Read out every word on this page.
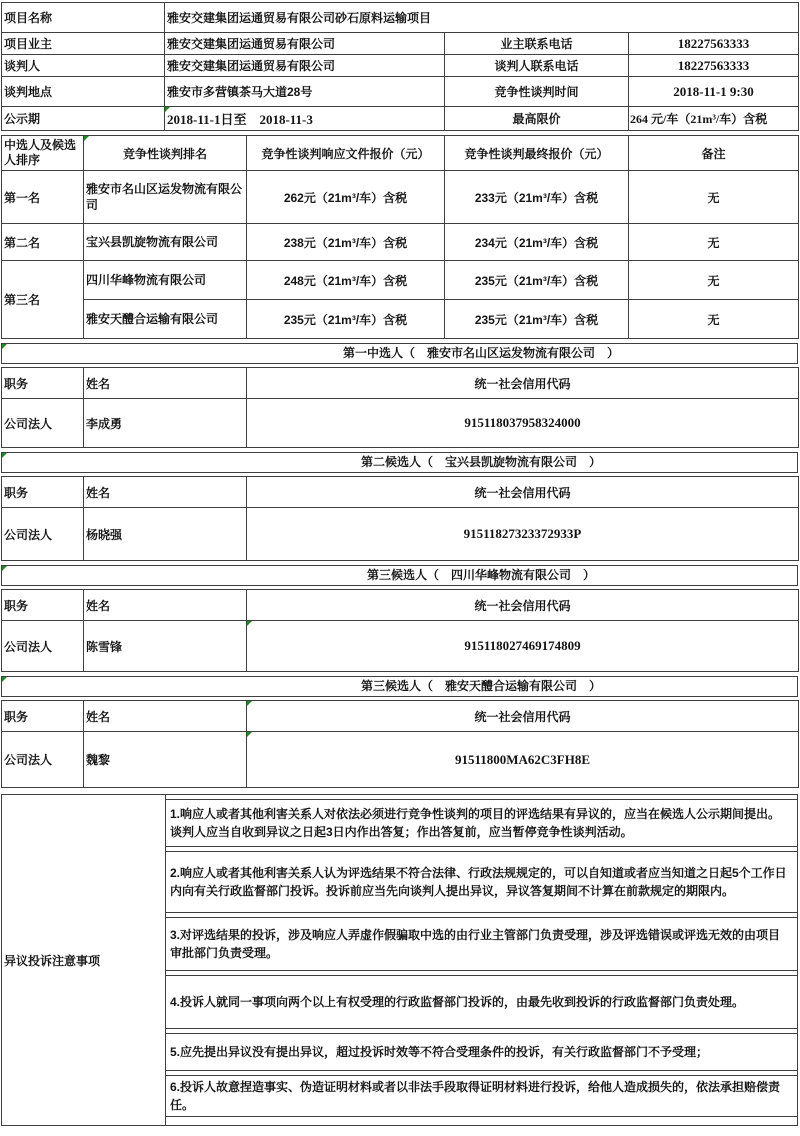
项目名称	雅安交建集团运通贸易有限公司砂石原料运输项目		
项目业主	雅安交建集团运通贸易有限公司	业主联系电话	18227563333
谈判人	雅安交建集团运通贸易有限公司	谈判人联系电话	18227563333
谈判地点	雅安市多营镇茶马大道28号	竞争性谈判时间	2018-11-1 9:30
公示期	2018-11-1日至　2018-11-3	最高限价	264 元/车（21m³/车）含税
中选人及候选人排序	竞争性谈判排名	竞争性谈判响应文件报价（元）	竞争性谈判最终报价（元）	备注
第一名	雅安市名山区运发物流有限公司	262元（21m³/车）含税	233元（21m³/车）含税	无
第二名	宝兴县凯旋物流有限公司	238元（21m³/车）含税	234元（21m³/车）含税	无
第三名	四川华峰物流有限公司	248元（21m³/车）含税	235元（21m³/车）含税	无
	雅安天醴合运输有限公司	235元（21m³/车）含税	235元（21m³/车）含税	无
第一中选人（　雅安市名山区运发物流有限公司　）
职务	姓名	统一社会信用代码
公司法人	李成勇	915118037958324000
第二候选人（　宝兴县凯旋物流有限公司　）
职务	姓名	统一社会信用代码
公司法人	杨晓强	91511827323372933P
第三候选人（　四川华峰物流有限公司　）
职务	姓名	统一社会信用代码
公司法人	陈雪锋	915118027469174809
第三候选人（　雅安天醴合运输有限公司　）
职务	姓名	统一社会信用代码
公司法人	魏黎	91511800MA62C3FH8E
异议投诉注意事项
1.响应人或者其他利害关系人对依法必须进行竞争性谈判的项目的评选结果有异议的，应当在候选人公示期间提出。谈判人应当自收到异议之日起3日内作出答复；作出答复前，应当暂停竞争性谈判活动。
2.响应人或者其他利害关系人认为评选结果不符合法律、行政法规规定的，可以自知道或者应当知道之日起5个工作日内向有关行政监督部门投诉。投诉前应当先向谈判人提出异议，异议答复期间不计算在前款规定的期限内。
3.对评选结果的投诉，涉及响应人弄虚作假骗取中选的由行业主管部门负责受理，涉及评选错误或评选无效的由项目审批部门负责受理。
4.投诉人就同一事项向两个以上有权受理的行政监督部门投诉的，由最先收到投诉的行政监督部门负责处理。
5.应先提出异议没有提出异议，超过投诉时效等不符合受理条件的投诉，有关行政监督部门不予受理；
6.投诉人故意捏造事实、伪造证明材料或者以非法手段取得证明材料进行投诉，给他人造成损失的，依法承担赔偿责任。
